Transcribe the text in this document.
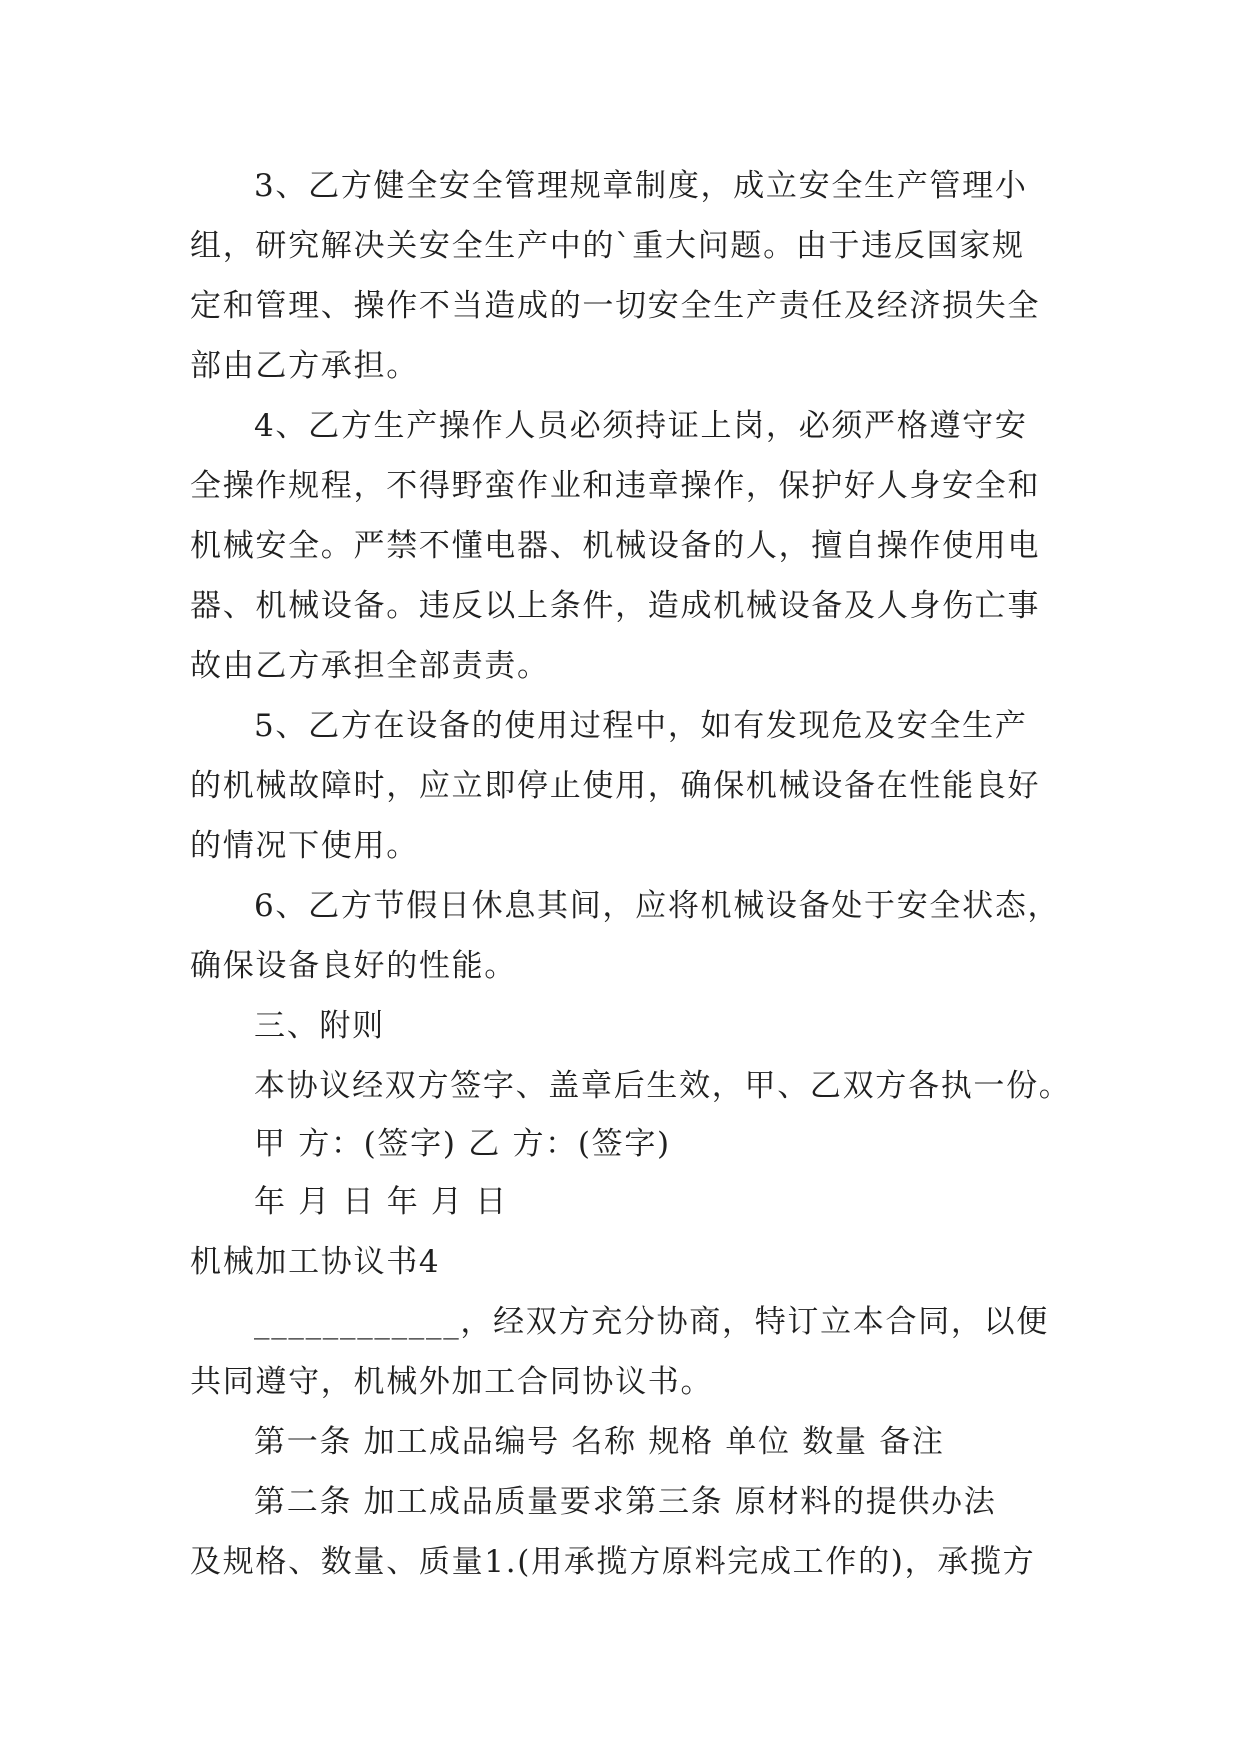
3、乙方健全安全管理规章制度，成立安全生产管理小
组，研究解决关安全生产中的`重大问题。由于违反国家规
定和管理、操作不当造成的一切安全生产责任及经济损失全
部由乙方承担。
4、乙方生产操作人员必须持证上岗，必须严格遵守安
全操作规程，不得野蛮作业和违章操作，保护好人身安全和
机械安全。严禁不懂电器、机械设备的人，擅自操作使用电
器、机械设备。违反以上条件，造成机械设备及人身伤亡事
故由乙方承担全部责责。
5、乙方在设备的使用过程中，如有发现危及安全生产
的机械故障时，应立即停止使用，确保机械设备在性能良好
的情况下使用。
6、乙方节假日休息其间，应将机械设备处于安全状态，
确保设备良好的性能。
三、附则
本协议经双方签字、盖章后生效，甲、乙双方各执一份。
甲 方：(签字) 乙 方：(签字)
年 月 日 年 月 日
机械加工协议书4
____________，经双方充分协商，特订立本合同，以便
共同遵守，机械外加工合同协议书。
第一条 加工成品编号 名称 规格 单位 数量 备注
第二条 加工成品质量要求第三条 原材料的提供办法
及规格、数量、质量1.(用承揽方原料完成工作的)，承揽方
